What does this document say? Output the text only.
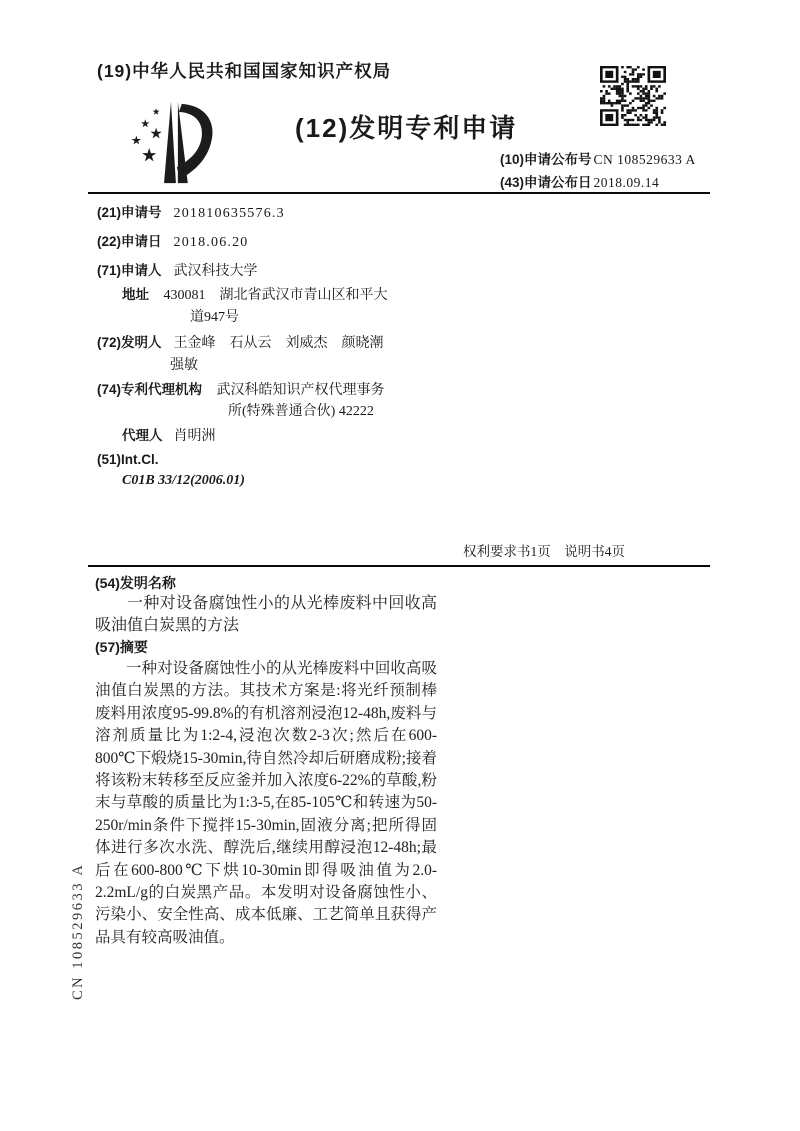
(19)中华人民共和国国家知识产权局
(12)发明专利申请
(10)申请公布号 CN 108529633 A
(43)申请公布日 2018.09.14
(21)申请号 201810635576.3
(22)申请日 2018.06.20
(71)申请人 武汉科技大学
地址 430081　湖北省武汉市青山区和平大
道947号
(72)发明人 王金峰　石从云　刘威杰　颜晓潮
强敏
(74)专利代理机构 武汉科皓知识产权代理事务
所(特殊普通合伙) 42222
代理人 肖明洲
(51)Int.Cl.
C01B 33/12(2006.01)
权利要求书1页　说明书4页
(54)发明名称
一种对设备腐蚀性小的从光棒废料中回收高吸油值白炭黑的方法
(57)摘要
一种对设备腐蚀性小的从光棒废料中回收高吸油值白炭黑的方法。其技术方案是:将光纤预制棒废料用浓度95-99.8%的有机溶剂浸泡12-48h,废料与溶剂质量比为1:2-4,浸泡次数2-3次;然后在600-800℃下煅烧15-30min,待自然冷却后研磨成粉;接着将该粉末转移至反应釜并加入浓度6-22%的草酸,粉末与草酸的质量比为1:3-5,在85-105℃和转速为50-250r/min条件下搅拌15-30min,固液分离;把所得固体进行多次水洗、醇洗后,继续用醇浸泡12-48h;最后在600-800℃下烘10-30min即得吸油值为2.0-2.2mL/g的白炭黑产品。本发明对设备腐蚀性小、污染小、安全性高、成本低廉、工艺简单且获得产品具有较高吸油值。
CN 108529633 A
